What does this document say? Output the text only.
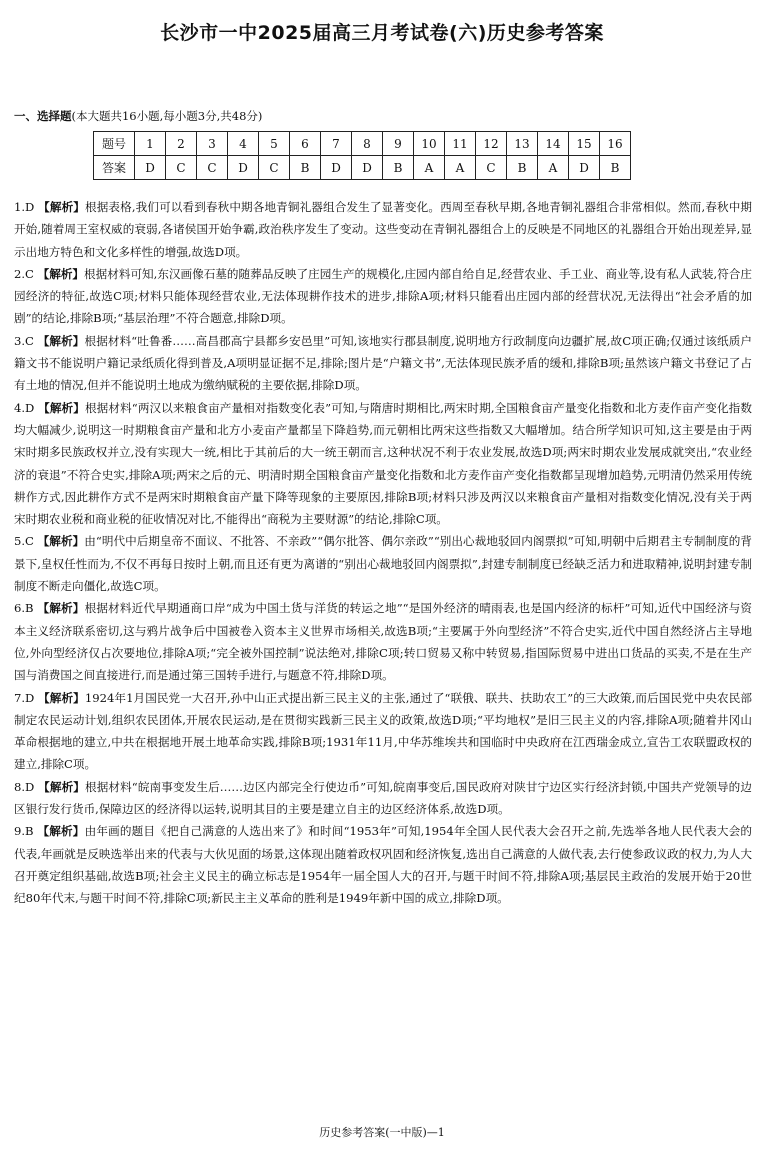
长沙市一中2025届高三月考试卷(六)历史参考答案
一、选择题(本大题共16小题,每小题3分,共48分)
题号	1	2	3	4	5	6	7	8	9	10	11	12	13	14	15	16
答案	D	C	C	D	C	B	D	D	B	A	A	C	B	A	D	B

1.D 【解析】根据表格,我们可以看到春秋中期各地青铜礼器组合发生了显著变化。西周至春秋早期,各地青铜礼器组合非常相似。然而,春秋中期开始,随着周王室权威的衰弱,各诸侯国开始争霸,政治秩序发生了变动。这些变动在青铜礼器组合上的反映是不同地区的礼器组合开始出现差异,显示出地方特色和文化多样性的增强,故选D项。

2.C 【解析】根据材料可知,东汉画像石墓的随葬品反映了庄园生产的规模化,庄园内部自给自足,经营农业、手工业、商业等,设有私人武装,符合庄园经济的特征,故选C项;材料只能体现经营农业,无法体现耕作技术的进步,排除A项;材料只能看出庄园内部的经营状况,无法得出“社会矛盾的加剧”的结论,排除B项;“基层治理”不符合题意,排除D项。

3.C 【解析】根据材料“吐鲁番……高昌郡高宁县都乡安邑里”可知,该地实行郡县制度,说明地方行政制度向边疆扩展,故C项正确;仅通过该纸质户籍文书不能说明户籍记录纸质化得到普及,A项明显证据不足,排除;图片是“户籍文书”,无法体现民族矛盾的缓和,排除B项;虽然该户籍文书登记了占有土地的情况,但并不能说明土地成为缴纳赋税的主要依据,排除D项。

4.D 【解析】根据材料“两汉以来粮食亩产量相对指数变化表”可知,与隋唐时期相比,两宋时期,全国粮食亩产量变化指数和北方麦作亩产变化指数均大幅减少,说明这一时期粮食亩产量和北方小麦亩产量都呈下降趋势,而元朝相比两宋这些指数又大幅增加。结合所学知识可知,这主要是由于两宋时期多民族政权并立,没有实现大一统,相比于其前后的大一统王朝而言,这种状况不利于农业发展,故选D项;两宋时期农业发展成就突出,“农业经济的衰退”不符合史实,排除A项;两宋之后的元、明清时期全国粮食亩产量变化指数和北方麦作亩产变化指数都呈现增加趋势,元明清仍然采用传统耕作方式,因此耕作方式不是两宋时期粮食亩产量下降等现象的主要原因,排除B项;材料只涉及两汉以来粮食亩产量相对指数变化情况,没有关于两宋时期农业税和商业税的征收情况对比,不能得出“商税为主要财源”的结论,排除C项。

5.C 【解析】由“明代中后期皇帝不面议、不批答、不亲政”“偶尔批答、偶尔亲政”“别出心裁地驳回内阁票拟”可知,明朝中后期君主专制制度的背景下,皇权任性而为,不仅不再每日按时上朝,而且还有更为离谱的“别出心裁地驳回内阁票拟”,封建专制制度已经缺乏活力和进取精神,说明封建专制制度不断走向僵化,故选C项。

6.B 【解析】根据材料近代早期通商口岸“成为中国土货与洋货的转运之地”“是国外经济的晴雨表,也是国内经济的标杆”可知,近代中国经济与资本主义经济联系密切,这与鸦片战争后中国被卷入资本主义世界市场相关,故选B项;“主要属于外向型经济”不符合史实,近代中国自然经济占主导地位,外向型经济仅占次要地位,排除A项;“完全被外国控制”说法绝对,排除C项;转口贸易又称中转贸易,指国际贸易中进出口货品的买卖,不是在生产国与消费国之间直接进行,而是通过第三国转手进行,与题意不符,排除D项。

7.D 【解析】1924年1月国民党一大召开,孙中山正式提出新三民主义的主张,通过了“联俄、联共、扶助农工”的三大政策,而后国民党中央农民部制定农民运动计划,组织农民团体,开展农民运动,是在贯彻实践新三民主义的政策,故选D项;“平均地权”是旧三民主义的内容,排除A项;随着井冈山革命根据地的建立,中共在根据地开展土地革命实践,排除B项;1931年11月,中华苏维埃共和国临时中央政府在江西瑞金成立,宣告工农联盟政权的建立,排除C项。

8.D 【解析】根据材料“皖南事变发生后……边区内部完全行使边币”可知,皖南事变后,国民政府对陕甘宁边区实行经济封锁,中国共产党领导的边区银行发行货币,保障边区的经济得以运转,说明其目的主要是建立自主的边区经济体系,故选D项。

9.B 【解析】由年画的题目《把自己满意的人选出来了》和时间“1953年”可知,1954年全国人民代表大会召开之前,先选举各地人民代表大会的代表,年画就是反映选举出来的代表与大伙见面的场景,这体现出随着政权巩固和经济恢复,选出自己满意的人做代表,去行使参政议政的权力,为人大召开奠定组织基础,故选B项;社会主义民主的确立标志是1954年一届全国人大的召开,与题干时间不符,排除A项;基层民主政治的发展开始于20世纪80年代末,与题干时间不符,排除C项;新民主主义革命的胜利是1949年新中国的成立,排除D项。

历史参考答案(一中版)—1
